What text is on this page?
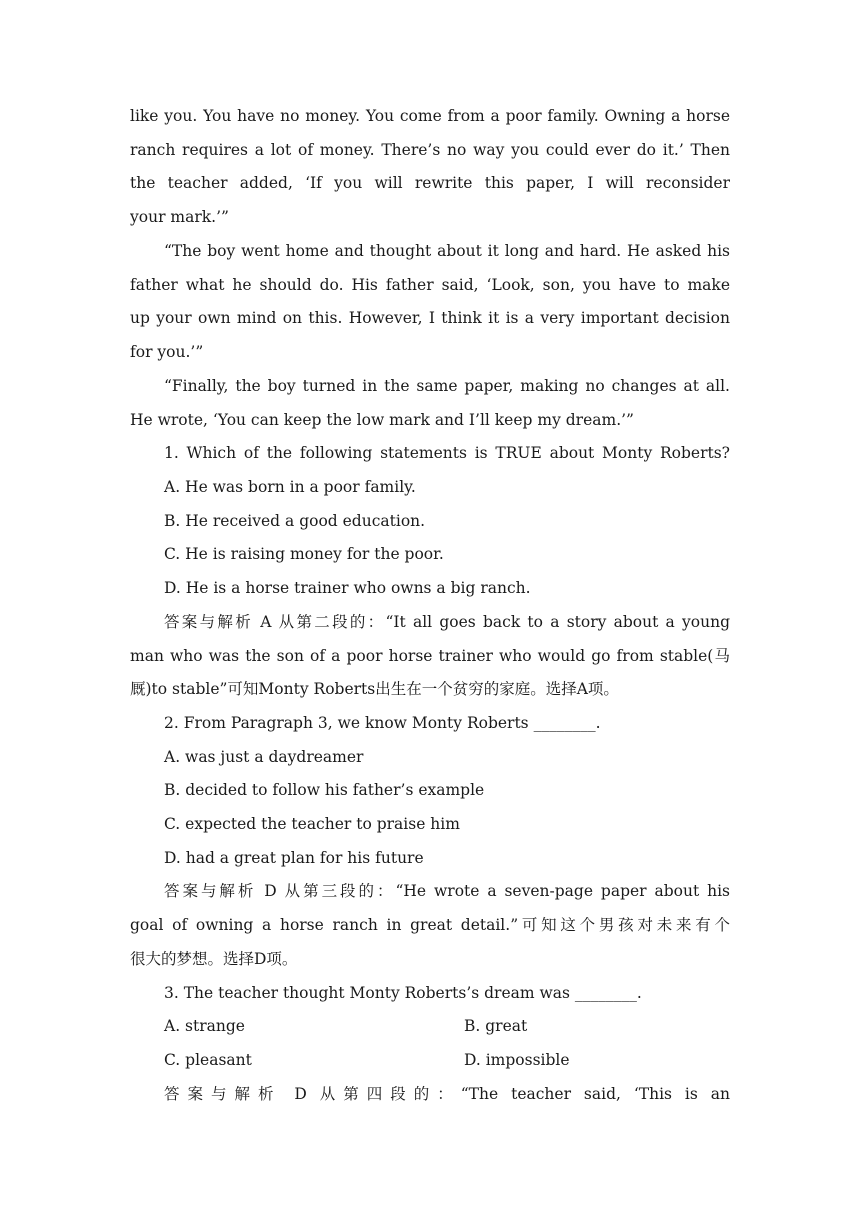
like you. You have no money. You come from a poor family. Owning a horse
ranch requires a lot of money. There’s no way you could ever do it.’ Then
the teacher added, ‘If you will rewrite this paper, I will reconsider
your mark.’”
“The boy went home and thought about it long and hard. He asked his
father what he should do. His father said, ‘Look, son, you have to make
up your own mind on this. However, I think it is a very important decision
for you.’”
“Finally, the boy turned in the same paper, making no changes at all.
He wrote, ‘You can keep the low mark and I’ll keep my dream.’”
1. Which of the following statements is TRUE about Monty Roberts?
A. He was born in a poor family.
B. He received a good education.
C. He is raising money for the poor.
D. He is a horse trainer who owns a big ranch.
答案与解析 A 从第二段的：“It all goes back to a story about a young
man who was the son of a poor horse trainer who would go from stable(马
厩)to stable”可知Monty Roberts出生在一个贫穷的家庭。选择A项。
2. From Paragraph 3, we know Monty Roberts ________.
A. was just a daydreamer
B. decided to follow his father’s example
C. expected the teacher to praise him
D. had a great plan for his future
答案与解析 D 从第三段的：“He wrote a seven-page paper about his
goal of owning a horse ranch in great detail.”可知这个男孩对未来有个
很大的梦想。选择D项。
3. The teacher thought Monty Roberts’s dream was ________.
A. strange	B. great
C. pleasant	D. impossible
答案与解析 D 从第四段的：“The teacher said, ‘This is an
